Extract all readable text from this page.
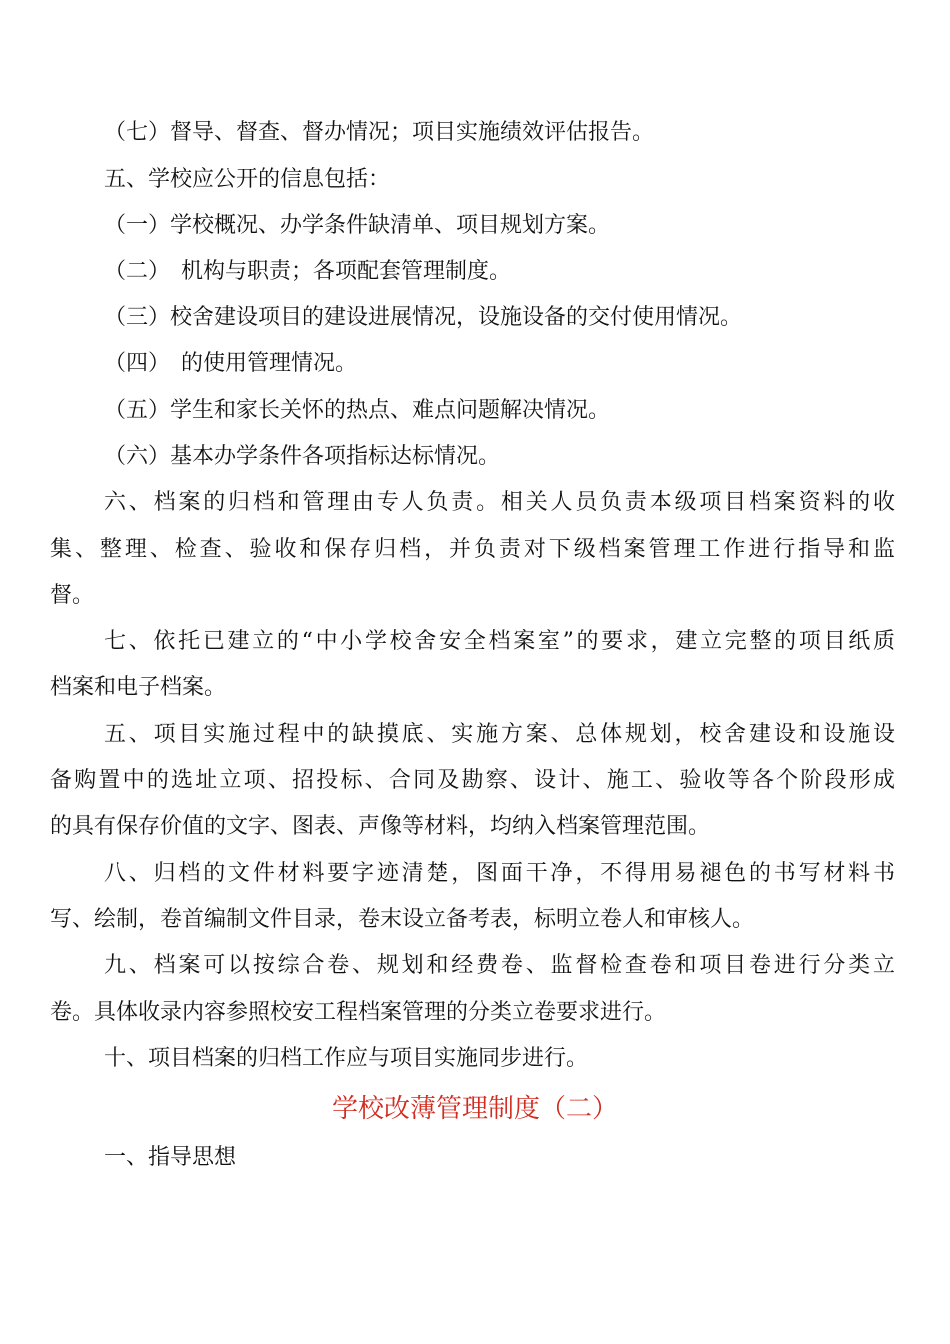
（七）督导、督查、督办情况；项目实施绩效评估报告。
五、学校应公开的信息包括：
（一）学校概况、办学条件缺清单、项目规划方案。
（二）　机构与职责；各项配套管理制度。
（三）校舍建设项目的建设进展情况，设施设备的交付使用情况。
（四）　的使用管理情况。
（五）学生和家长关怀的热点、难点问题解决情况。
（六）基本办学条件各项指标达标情况。
六、档案的归档和管理由专人负责。相关人员负责本级项目档案资料的收
集、整理、检查、验收和保存归档，并负责对下级档案管理工作进行指导和监
督。
七、依托已建立的“中小学校舍安全档案室”的要求，建立完整的项目纸质
档案和电子档案。
五、项目实施过程中的缺摸底、实施方案、总体规划，校舍建设和设施设
备购置中的选址立项、招投标、合同及勘察、设计、施工、验收等各个阶段形成
的具有保存价值的文字、图表、声像等材料，均纳入档案管理范围。
八、归档的文件材料要字迹清楚，图面干净，不得用易褪色的书写材料书
写、绘制，卷首编制文件目录，卷末设立备考表，标明立卷人和审核人。
九、档案可以按综合卷、规划和经费卷、监督检查卷和项目卷进行分类立
卷。具体收录内容参照校安工程档案管理的分类立卷要求进行。
十、项目档案的归档工作应与项目实施同步进行。
学校改薄管理制度（二）
一、指导思想
